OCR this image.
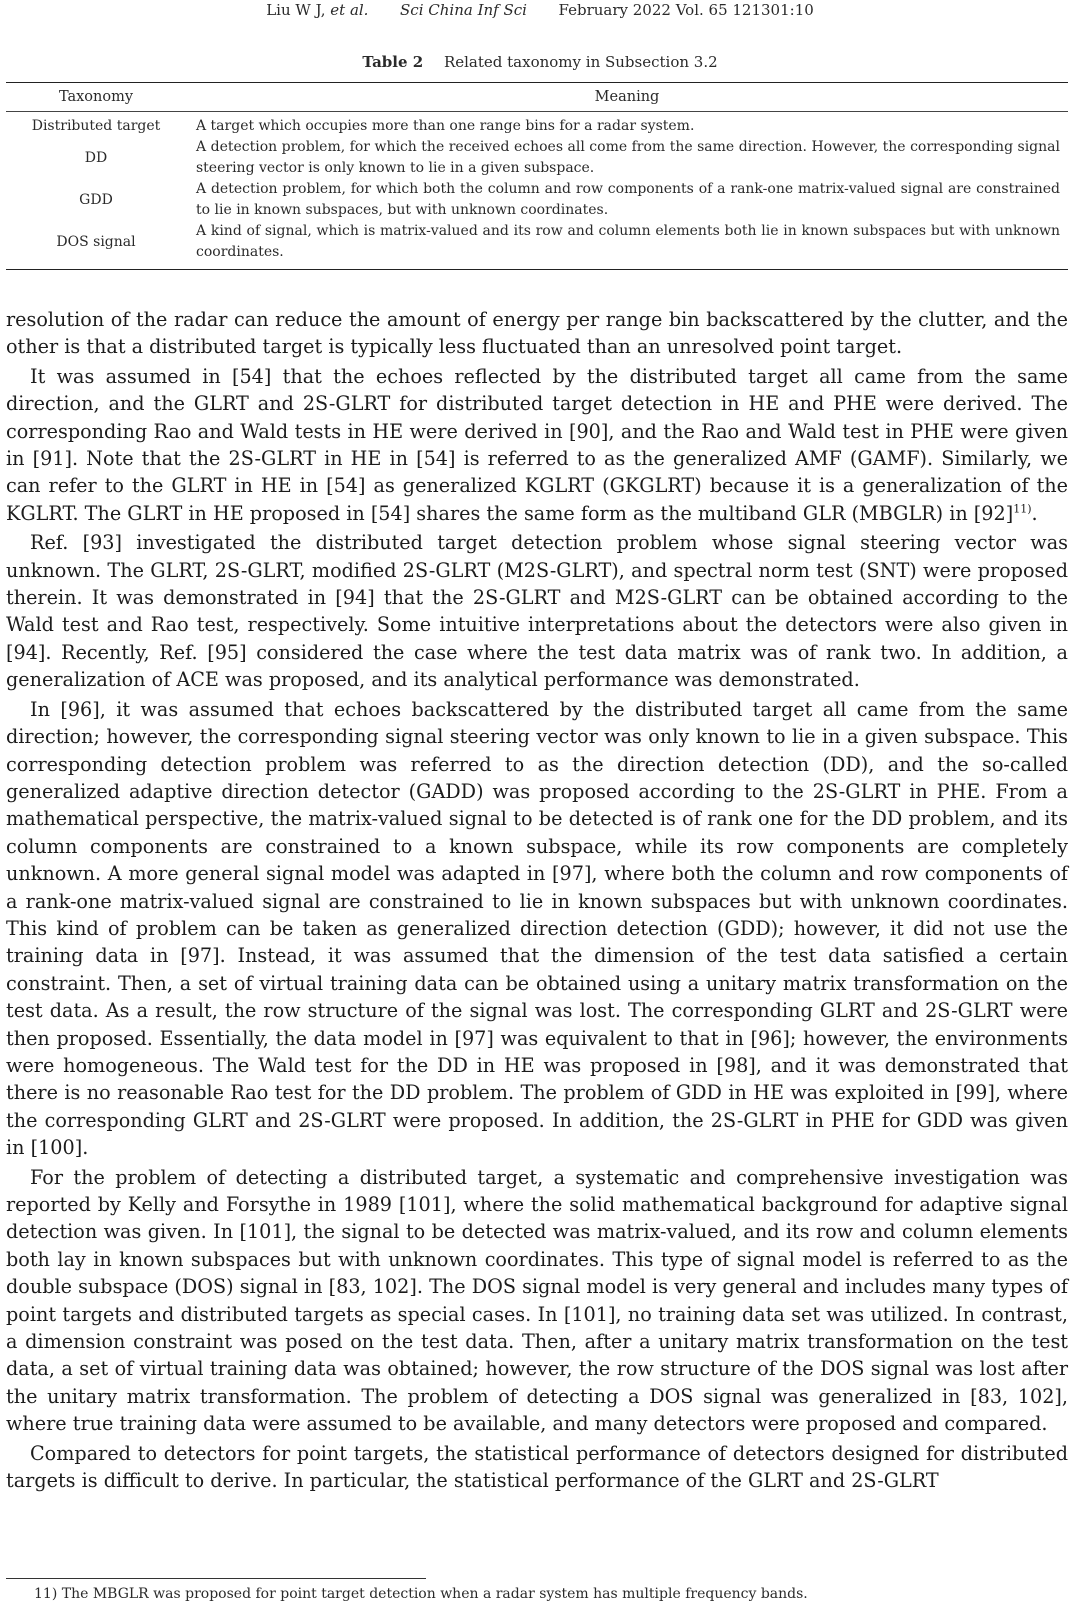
Liu W J, et al. Sci China Inf Sci February 2022 Vol. 65 121301:10
Table 2 Related taxonomy in Subsection 3.2
Taxonomy	Meaning
Distributed target	A target which occupies more than one range bins for a radar system.
DD
A detection problem, for which the received echoes all come from the same direction. However, the corresponding signal steering vector is only known to lie in a given subspace.
GDD
A detection problem, for which both the column and row components of a rank-one matrix-valued signal are constrained to lie in known subspaces, but with unknown coordinates.
DOS signal
A kind of signal, which is matrix-valued and its row and column elements both lie in known subspaces but with unknown coordinates.

resolution of the radar can reduce the amount of energy per range bin backscattered by the clutter, and the other is that a distributed target is typically less fluctuated than an unresolved point target.

It was assumed in [54] that the echoes reflected by the distributed target all came from the same direction, and the GLRT and 2S-GLRT for distributed target detection in HE and PHE were derived. The corresponding Rao and Wald tests in HE were derived in [90], and the Rao and Wald test in PHE were given in [91]. Note that the 2S-GLRT in HE in [54] is referred to as the generalized AMF (GAMF). Similarly, we can refer to the GLRT in HE in [54] as generalized KGLRT (GKGLRT) because it is a generalization of the KGLRT. The GLRT in HE proposed in [54] shares the same form as the multiband GLR (MBGLR) in $[92]^{11)}$.

Ref. [93] investigated the distributed target detection problem whose signal steering vector was unknown. The GLRT, 2S-GLRT, modified 2S-GLRT (M2S-GLRT), and spectral norm test (SNT) were proposed therein. It was demonstrated in [94] that the 2S-GLRT and M2S-GLRT can be obtained according to the Wald test and Rao test, respectively. Some intuitive interpretations about the detectors were also given in [94]. Recently, Ref. [95] considered the case where the test data matrix was of rank two. In addition, a generalization of ACE was proposed, and its analytical performance was demonstrated.

In [96], it was assumed that echoes backscattered by the distributed target all came from the same direction; however, the corresponding signal steering vector was only known to lie in a given subspace. This corresponding detection problem was referred to as the direction detection (DD), and the so-called generalized adaptive direction detector (GADD) was proposed according to the 2S-GLRT in PHE. From a mathematical perspective, the matrix-valued signal to be detected is of rank one for the DD problem, and its column components are constrained to a known subspace, while its row components are completely unknown. A more general signal model was adapted in [97], where both the column and row components of a rank-one matrix-valued signal are constrained to lie in known subspaces but with unknown coordinates. This kind of problem can be taken as generalized direction detection (GDD); however, it did not use the training data in [97]. Instead, it was assumed that the dimension of the test data satisfied a certain constraint. Then, a set of virtual training data can be obtained using a unitary matrix transformation on the test data. As a result, the row structure of the signal was lost. The corresponding GLRT and 2S-GLRT were then proposed. Essentially, the data model in [97] was equivalent to that in [96]; however, the environments were homogeneous. The Wald test for the DD in HE was proposed in [98], and it was demonstrated that there is no reasonable Rao test for the DD problem. The problem of GDD in HE was exploited in [99], where the corresponding GLRT and 2S-GLRT were proposed. In addition, the 2S-GLRT in PHE for GDD was given in [100].

For the problem of detecting a distributed target, a systematic and comprehensive investigation was reported by Kelly and Forsythe in 1989 [101], where the solid mathematical background for adaptive signal detection was given. In [101], the signal to be detected was matrix-valued, and its row and column elements both lay in known subspaces but with unknown coordinates. This type of signal model is referred to as the double subspace (DOS) signal in [83, 102]. The DOS signal model is very general and includes many types of point targets and distributed targets as special cases. In [101], no training data set was utilized. In contrast, a dimension constraint was posed on the test data. Then, after a unitary matrix transformation on the test data, a set of virtual training data was obtained; however, the row structure of the DOS signal was lost after the unitary matrix transformation. The problem of detecting a DOS signal was generalized in [83, 102], where true training data were assumed to be available, and many detectors were proposed and compared.

Compared to detectors for point targets, the statistical performance of detectors designed for distributed targets is difficult to derive. In particular, the statistical performance of the GLRT and 2S-GLRT

11) The MBGLR was proposed for point target detection when a radar system has multiple frequency bands.
